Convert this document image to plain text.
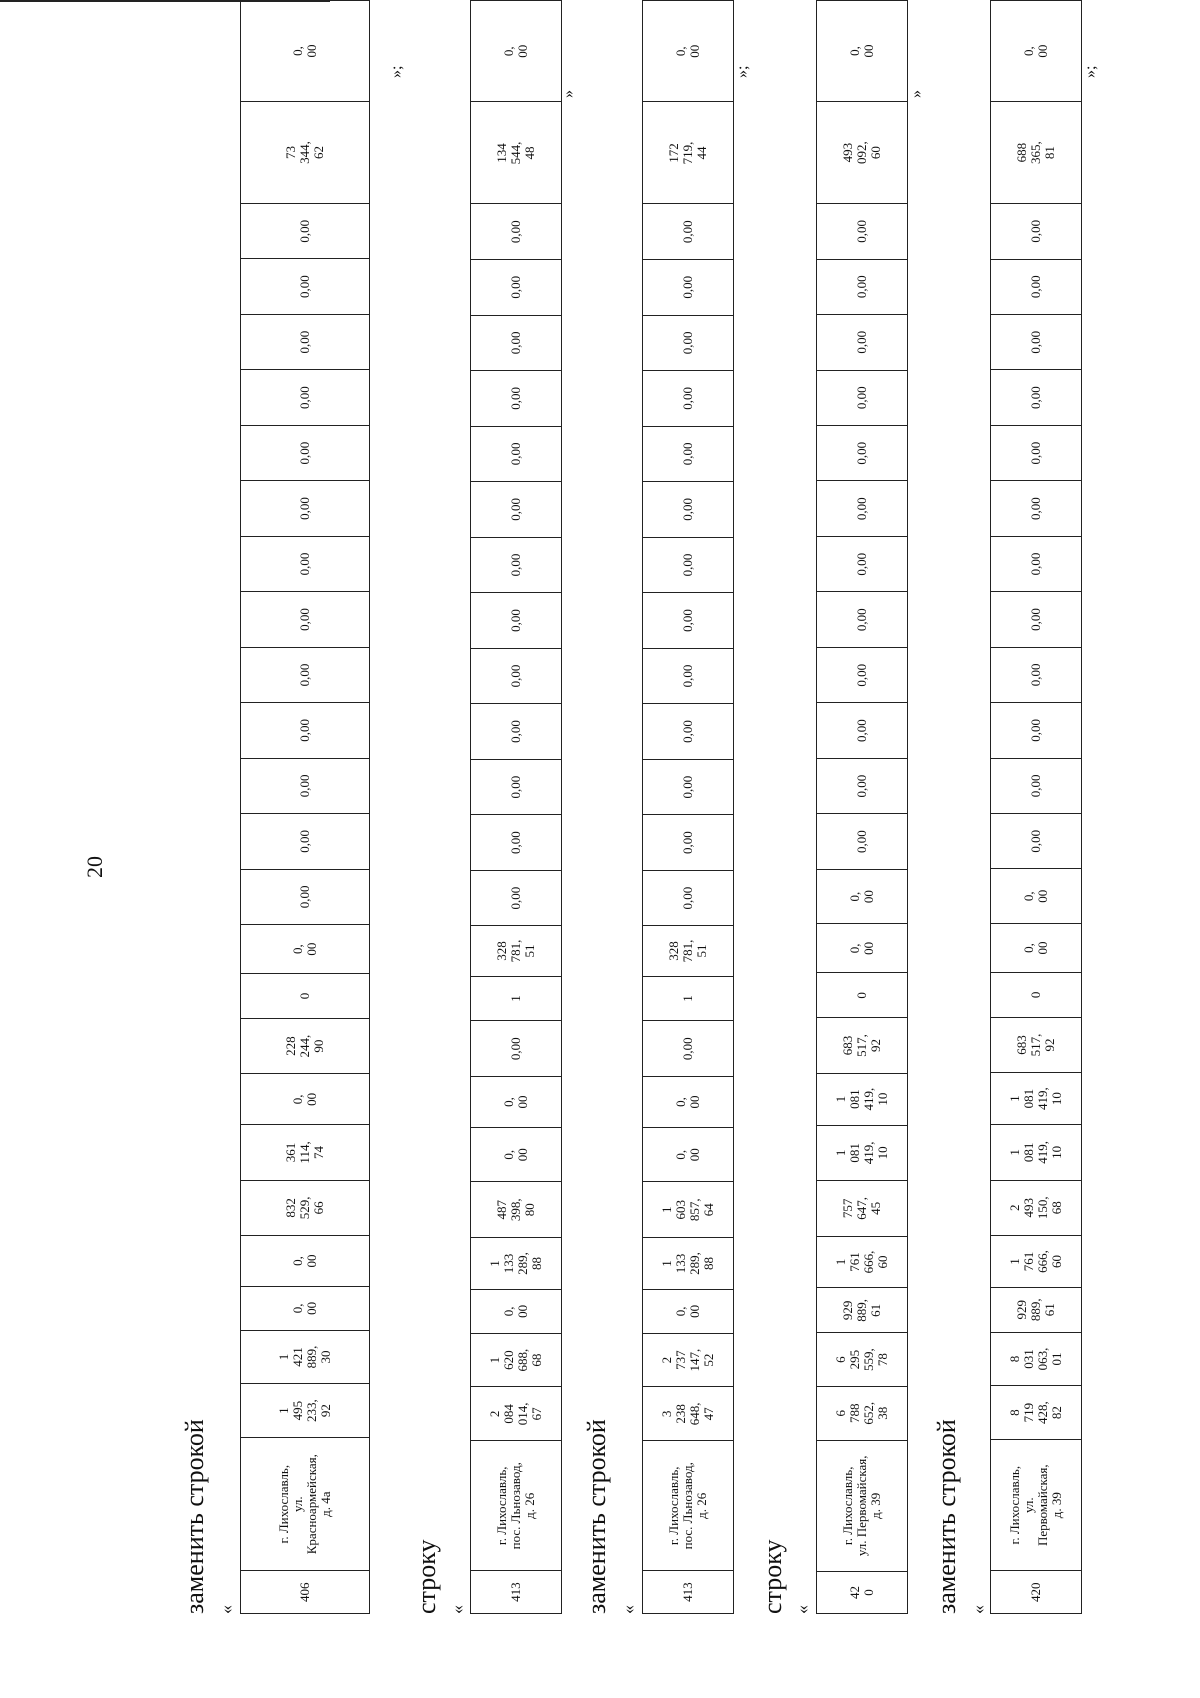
20
заменить строкой «
406	г. Лихославль,
ул.
Красноармейская,
д. 4а	1
495
233,
92	1
421
889,
30	0,
00	0,
00	832
529,
66	361
114,
74	0,
00	228
244,
90	0	0,
00	0,00	0,00	0,00	0,00	0,00	0,00	0,00	0,00	0,00	0,00	0,00	0,00	0,00	73
344,
62	0,
00
»;
строку «
413	г. Лихославль,
пос. Льнозавод,
д. 26	2
084
014,
67	1
620
688,
68	0,
00	1
133
289,
88	487
398,
80	0,
00	0,
00	0,00	1	328
781,
51	0,00	0,00	0,00	0,00	0,00	0,00	0,00	0,00	0,00	0,00	0,00	0,00	0,00	134
544,
48	0,
00
»
заменить строкой «
413	г. Лихославль,
пос. Льнозавод,
д. 26	3
238
648,
47	2
737
147,
52	0,
00	1
133
289,
88	1
603
857,
64	0,
00	0,
00	0,00	1	328
781,
51	0,00	0,00	0,00	0,00	0,00	0,00	0,00	0,00	0,00	0,00	0,00	0,00	0,00	172
719,
44	0,
00
»;
строку «
42
0	г. Лихославль,
ул. Первомайская,
д. 39	6
788
652,
38	6
295
559,
78	929
889,
61	1
761
666,
60	757
647,
45	1
081
419,
10	1
081
419,
10	683
517,
92	0	0,
00	0,
00	0,00	0,00	0,00	0,00	0,00	0,00	0,00	0,00	0,00	0,00	0,00	0,00	493
092,
60	0,
00
»
заменить строкой «
420	г. Лихославль,
ул.
Первомайская,
д. 39	8
719
428,
82	8
031
063,
01	929
889,
61	1
761
666,
60	2
493
150,
68	1
081
419,
10	1
081
419,
10	683
517,
92	0	0,
00	0,
00	0,00	0,00	0,00	0,00	0,00	0,00	0,00	0,00	0,00	0,00	0,00	0,00	688
365,
81	0,
00
»;
